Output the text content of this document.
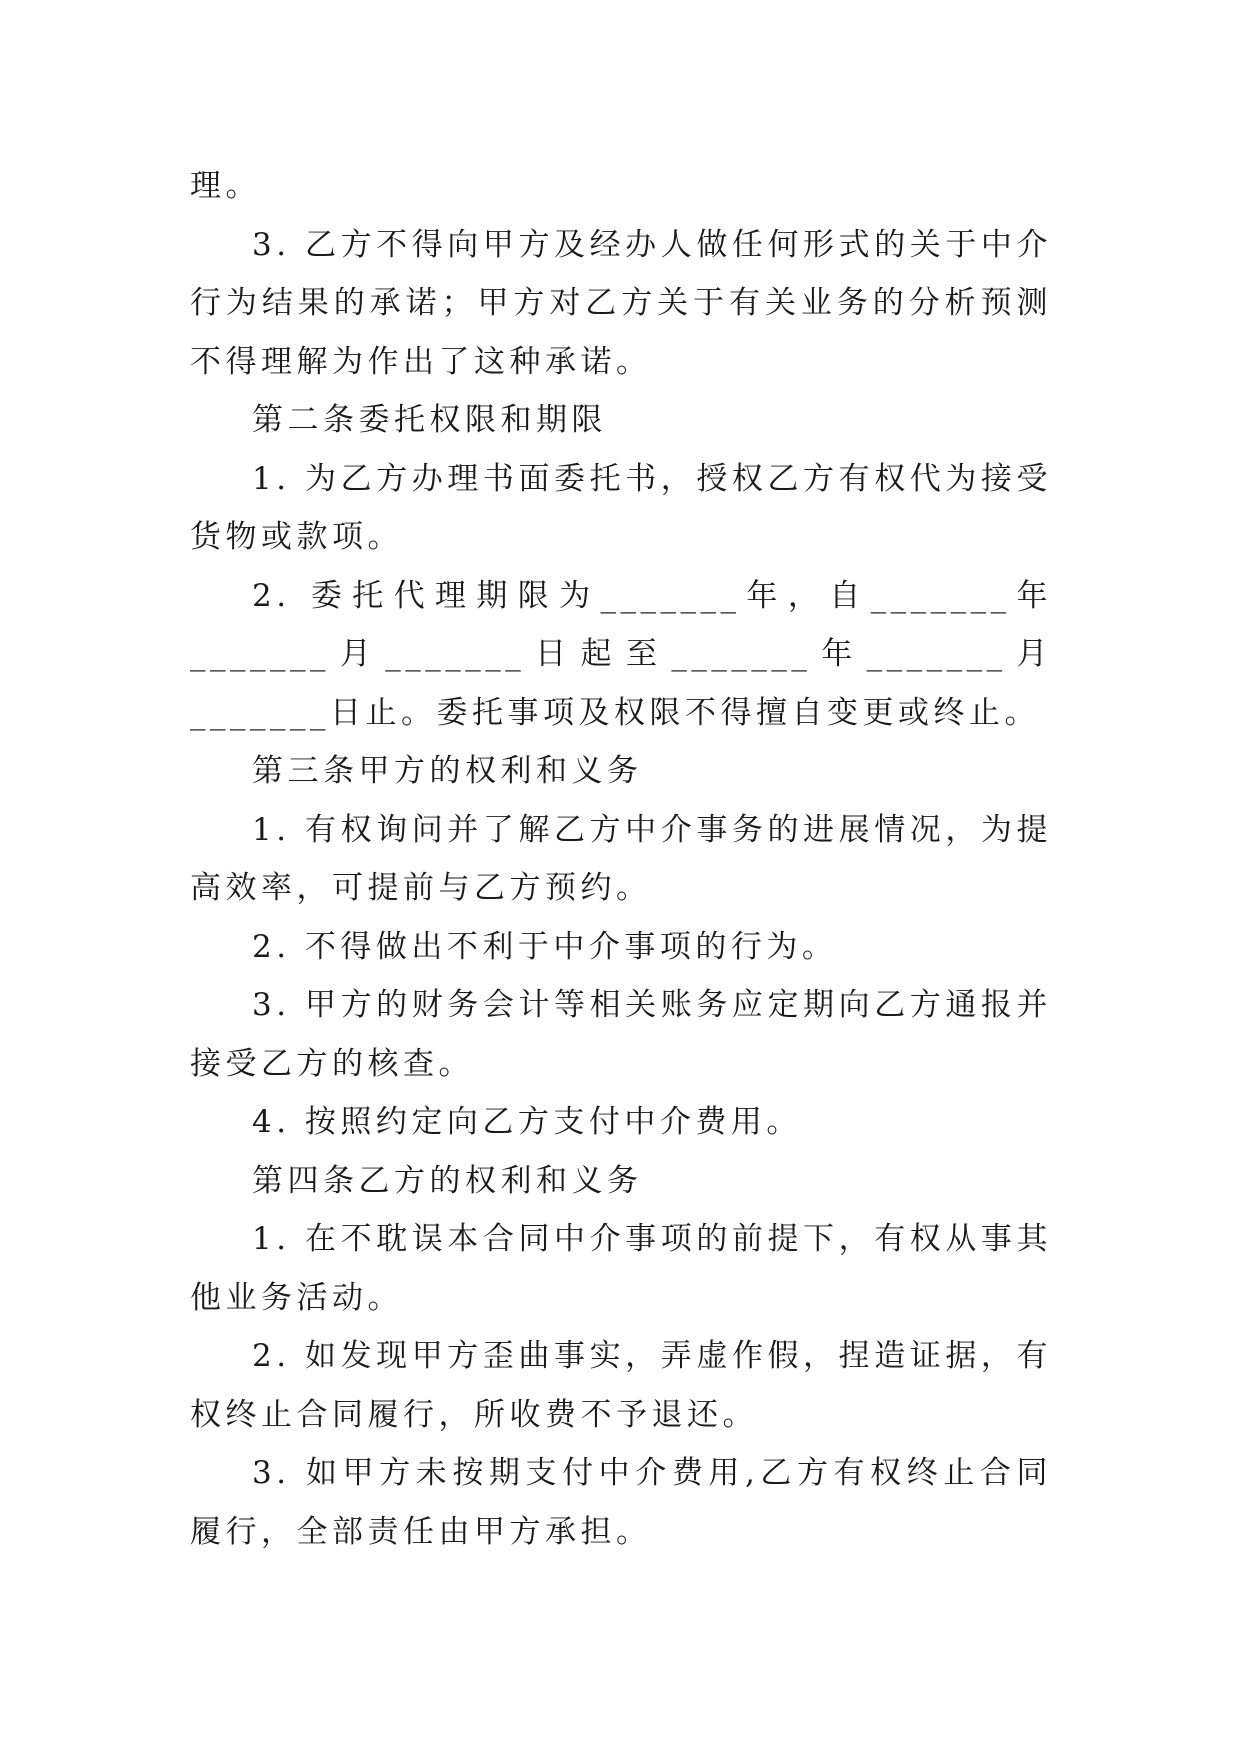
理。

3. 乙方不得向甲方及经办人做任何形式的关于中介行为结果的承诺；甲方对乙方关于有关业务的分析预测不得理解为作出了这种承诺。

第二条委托权限和期限

1. 为乙方办理书面委托书，授权乙方有权代为接受货物或款项。

2. 委托代理期限为_______年，自_______年_______月_______日起至_______年_______月_______日止。委托事项及权限不得擅自变更或终止。

第三条甲方的权利和义务

1. 有权询问并了解乙方中介事务的进展情况，为提高效率，可提前与乙方预约。

2. 不得做出不利于中介事项的行为。

3. 甲方的财务会计等相关账务应定期向乙方通报并接受乙方的核查。

4. 按照约定向乙方支付中介费用。

第四条乙方的权利和义务

1. 在不耽误本合同中介事项的前提下，有权从事其他业务活动。

2. 如发现甲方歪曲事实，弄虚作假，捏造证据，有权终止合同履行，所收费不予退还。

3. 如甲方未按期支付中介费用,乙方有权终止合同履行，全部责任由甲方承担。
